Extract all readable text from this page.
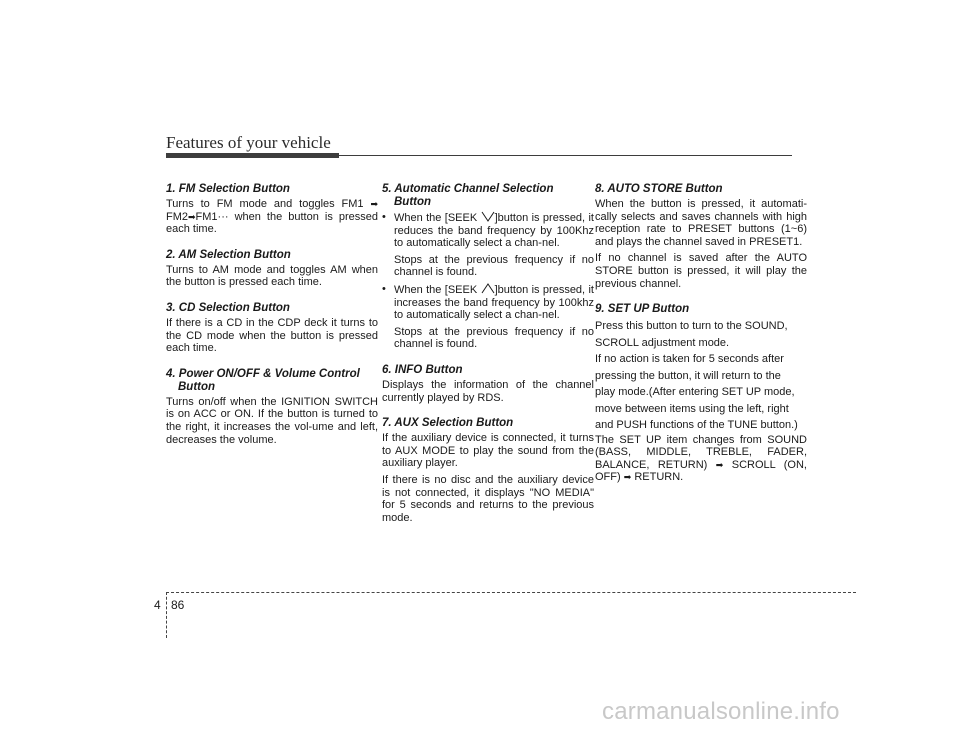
Features of your vehicle

1. FM Selection Button

Turns to FM mode and toggles FM1 ➡ FM2➡FM1··· when the button is pressed each time.

2. AM Selection Button

Turns to AM mode and toggles AM when the button is pressed each time.

3. CD Selection Button

If there is a CD in the CDP deck it turns to the CD mode when the button is pressed each time.

4. Power ON/OFF & Volume Control
Button

Turns on/off when the IGNITION SWITCH is on ACC or ON. If the button is turned to the right, it increases the vol-ume and left, decreases the volume.

5. Automatic Channel Selection
Button

• When the [SEEK ]button is pressed, it reduces the band frequency by 100Khz to automatically select a chan-nel.

Stops at the previous frequency if no channel is found.

• When the [SEEK ]button is pressed, it increases the band frequency by 100khz to automatically select a chan-nel.

Stops at the previous frequency if no channel is found.

6. INFO Button

Displays the information of the channel currently played by RDS.

7. AUX Selection Button

If the auxiliary device is connected, it turns to AUX MODE to play the sound from the auxiliary player.

If there is no disc and the auxiliary device is not connected, it displays "NO MEDIA" for 5 seconds and returns to the previous mode.

8. AUTO STORE Button

When the button is pressed, it automati-cally selects and saves channels with high reception rate to PRESET buttons (1~6) and plays the channel saved in PRESET1.

If no channel is saved after the AUTO STORE button is pressed, it will play the previous channel.

9. SET UP Button

Press this button to turn to the SOUND,

SCROLL adjustment mode.

If no action is taken for 5 seconds after

pressing the button, it will return to the

play mode.(After entering SET UP mode,

move between items using the left, right

and PUSH functions of the TUNE button.)

The SET UP item changes from SOUND (BASS, MIDDLE, TREBLE, FADER, BALANCE, RETURN) ➡ SCROLL (ON, OFF) ➡ RETURN.

4 86
carmanualsonline.info
